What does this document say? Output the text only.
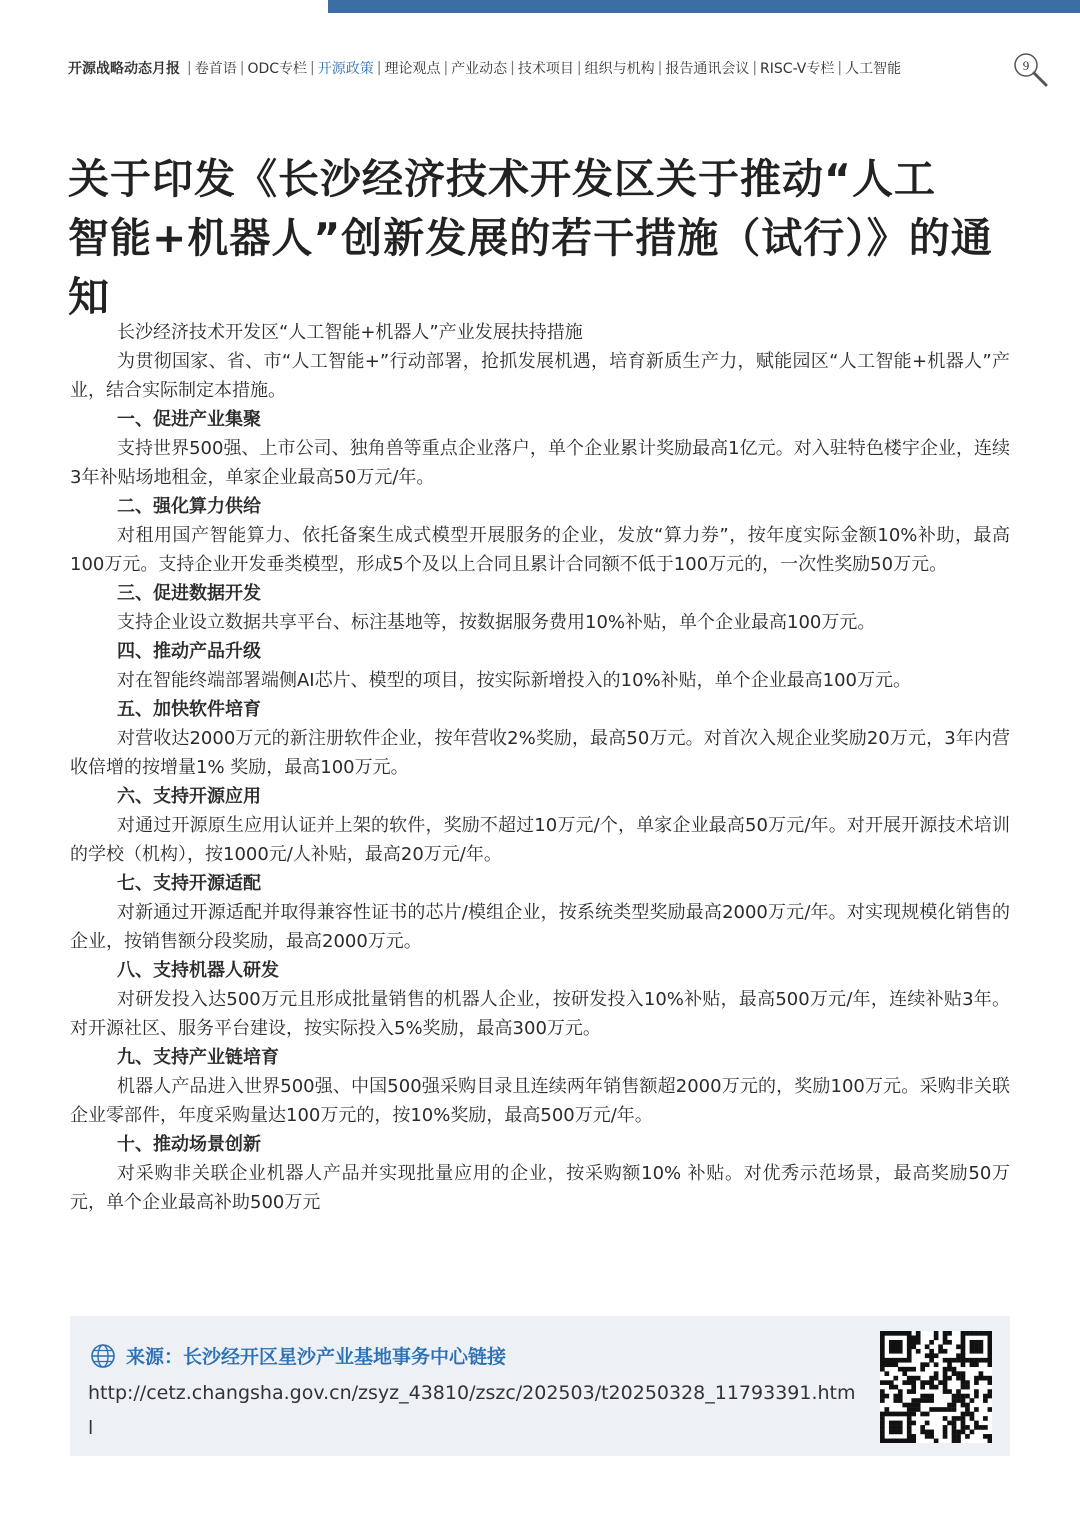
开源战略动态月报 | 卷首语 | ODC专栏 | 开源政策 | 理论观点 | 产业动态 | 技术项目 | 组织与机构 | 报告通讯会议 | RISC-V专栏 | 人工智能	9
关于印发《长沙经济技术开发区关于推动“人工
智能+机器人”创新发展的若干措施（试行）》的通知

长沙经济技术开发区“人工智能+机器人”产业发展扶持措施

为贯彻国家、省、市“人工智能+”行动部署，抢抓发展机遇，培育新质生产力，赋能园区“人工智能+机器人”产业，结合实际制定本措施。

一、促进产业集聚

支持世界500强、上市公司、独角兽等重点企业落户，单个企业累计奖励最高1亿元。对入驻特色楼宇企业，连续3年补贴场地租金，单家企业最高50万元/年。

二、强化算力供给

对租用国产智能算力、依托备案生成式模型开展服务的企业，发放“算力券”，按年度实际金额10%补助，最高100万元。支持企业开发垂类模型，形成5个及以上合同且累计合同额不低于100万元的，一次性奖励50万元。

三、促进数据开发

支持企业设立数据共享平台、标注基地等，按数据服务费用10%补贴，单个企业最高100万元。

四、推动产品升级

对在智能终端部署端侧AI芯片、模型的项目，按实际新增投入的10%补贴，单个企业最高100万元。

五、加快软件培育

对营收达2000万元的新注册软件企业，按年营收2%奖励，最高50万元。对首次入规企业奖励20万元，3年内营收倍增的按增量1% 奖励，最高100万元。

六、支持开源应用

对通过开源原生应用认证并上架的软件，奖励不超过10万元/个，单家企业最高50万元/年。对开展开源技术培训的学校（机构），按1000元/人补贴，最高20万元/年。

七、支持开源适配

对新通过开源适配并取得兼容性证书的芯片/模组企业，按系统类型奖励最高2000万元/年。对实现规模化销售的企业，按销售额分段奖励，最高2000万元。

八、支持机器人研发

对研发投入达500万元且形成批量销售的机器人企业，按研发投入10%补贴，最高500万元/年，连续补贴3年。对开源社区、服务平台建设，按实际投入5%奖励，最高300万元。

九、支持产业链培育

机器人产品进入世界500强、中国500强采购目录且连续两年销售额超2000万元的，奖励100万元。采购非关联企业零部件，年度采购量达100万元的，按10%奖励，最高500万元/年。

十、推动场景创新

对采购非关联企业机器人产品并实现批量应用的企业，按采购额10% 补贴。对优秀示范场景，最高奖励50万元，单个企业最高补助500万元

来源：长沙经开区星沙产业基地事务中心链接
http://cetz.changsha.gov.cn/zsyz_43810/zszc/202503/t20250328_11793391.html
